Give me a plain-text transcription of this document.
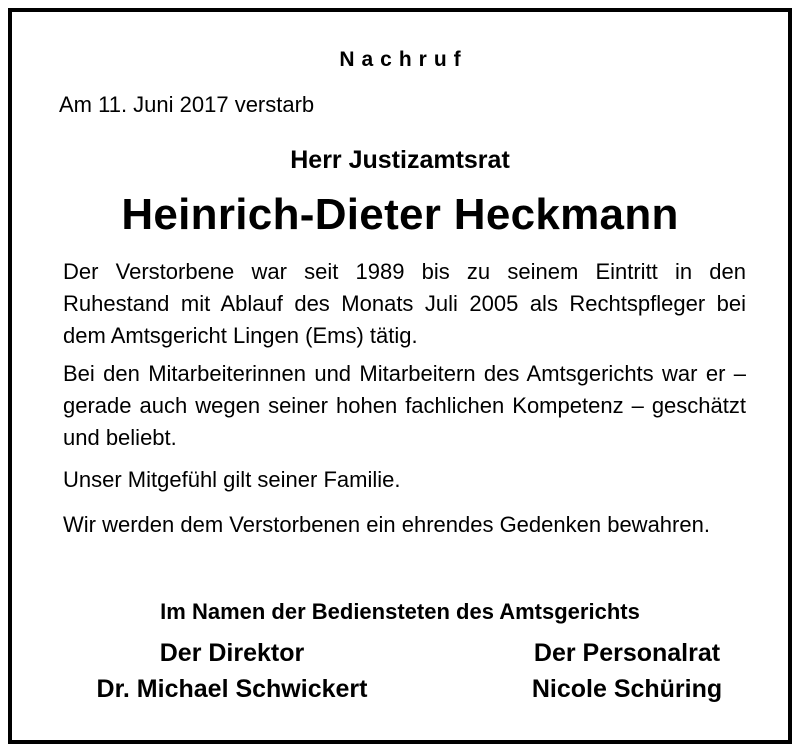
Nachruf
Am 11. Juni 2017 verstarb
Herr Justizamtsrat
Heinrich-Dieter Heckmann
Der Verstorbene war seit 1989 bis zu seinem Eintritt in den Ruhestand mit Ablauf des Monats Juli 2005 als Rechtspfleger bei dem Amtsgericht Lingen (Ems) tätig.
Bei den Mitarbeiterinnen und Mitarbeitern des Amtsgerichts war er – gerade auch wegen seiner hohen fachlichen Kompetenz – geschätzt und beliebt.
Unser Mitgefühl gilt seiner Familie.
Wir werden dem Verstorbenen ein ehrendes Gedenken bewahren.
Im Namen der Bediensteten des Amtsgerichts
Der Direktor
Dr. Michael Schwickert
Der Personalrat
Nicole Schüring
